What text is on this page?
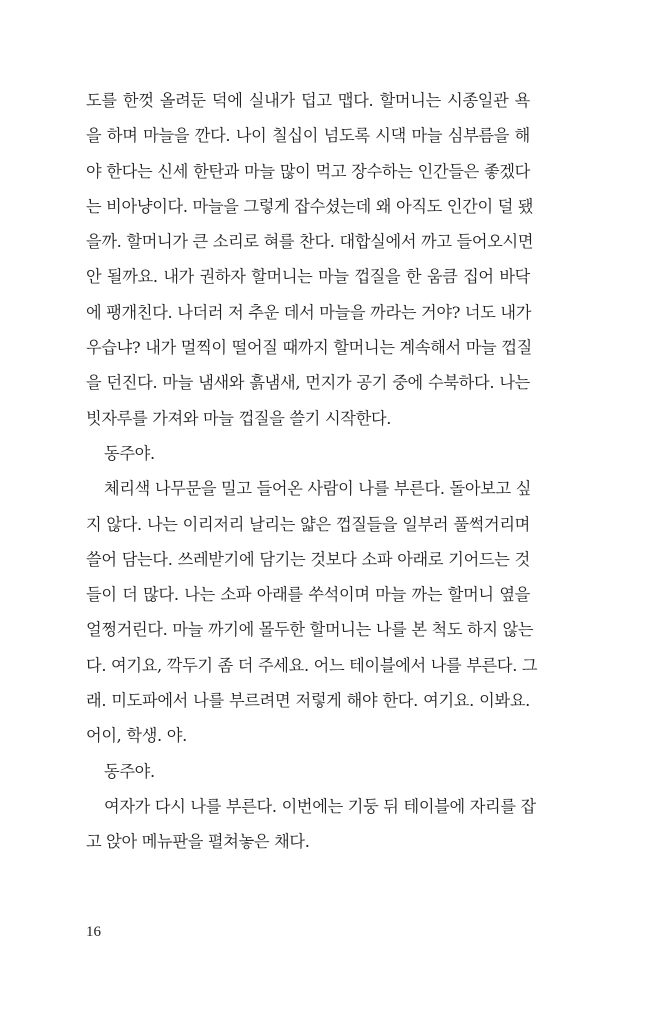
도를 한껏 올려둔 덕에 실내가 덥고 맵다. 할머니는 시종일관 욕
을 하며 마늘을 깐다. 나이 칠십이 넘도록 시댁 마늘 심부름을 해
야 한다는 신세 한탄과 마늘 많이 먹고 장수하는 인간들은 좋겠다
는 비아냥이다. 마늘을 그렇게 잡수셨는데 왜 아직도 인간이 덜 됐
을까. 할머니가 큰 소리로 혀를 찬다. 대합실에서 까고 들어오시면
안 될까요. 내가 권하자 할머니는 마늘 껍질을 한 움큼 집어 바닥
에 팽개친다. 나더러 저 추운 데서 마늘을 까라는 거야? 너도 내가
우습냐? 내가 멀찍이 떨어질 때까지 할머니는 계속해서 마늘 껍질
을 던진다. 마늘 냄새와 흙냄새, 먼지가 공기 중에 수북하다. 나는
빗자루를 가져와 마늘 껍질을 쓸기 시작한다.
동주야.
체리색 나무문을 밀고 들어온 사람이 나를 부른다. 돌아보고 싶
지 않다. 나는 이리저리 날리는 얇은 껍질들을 일부러 풀썩거리며
쓸어 담는다. 쓰레받기에 담기는 것보다 소파 아래로 기어드는 것
들이 더 많다. 나는 소파 아래를 쑤석이며 마늘 까는 할머니 옆을
얼쩡거린다. 마늘 까기에 몰두한 할머니는 나를 본 척도 하지 않는
다. 여기요, 깍두기 좀 더 주세요. 어느 테이블에서 나를 부른다. 그
래. 미도파에서 나를 부르려면 저렇게 해야 한다. 여기요. 이봐요.
어이, 학생. 야.
동주야.
여자가 다시 나를 부른다. 이번에는 기둥 뒤 테이블에 자리를 잡
고 앉아 메뉴판을 펼쳐놓은 채다.
16
